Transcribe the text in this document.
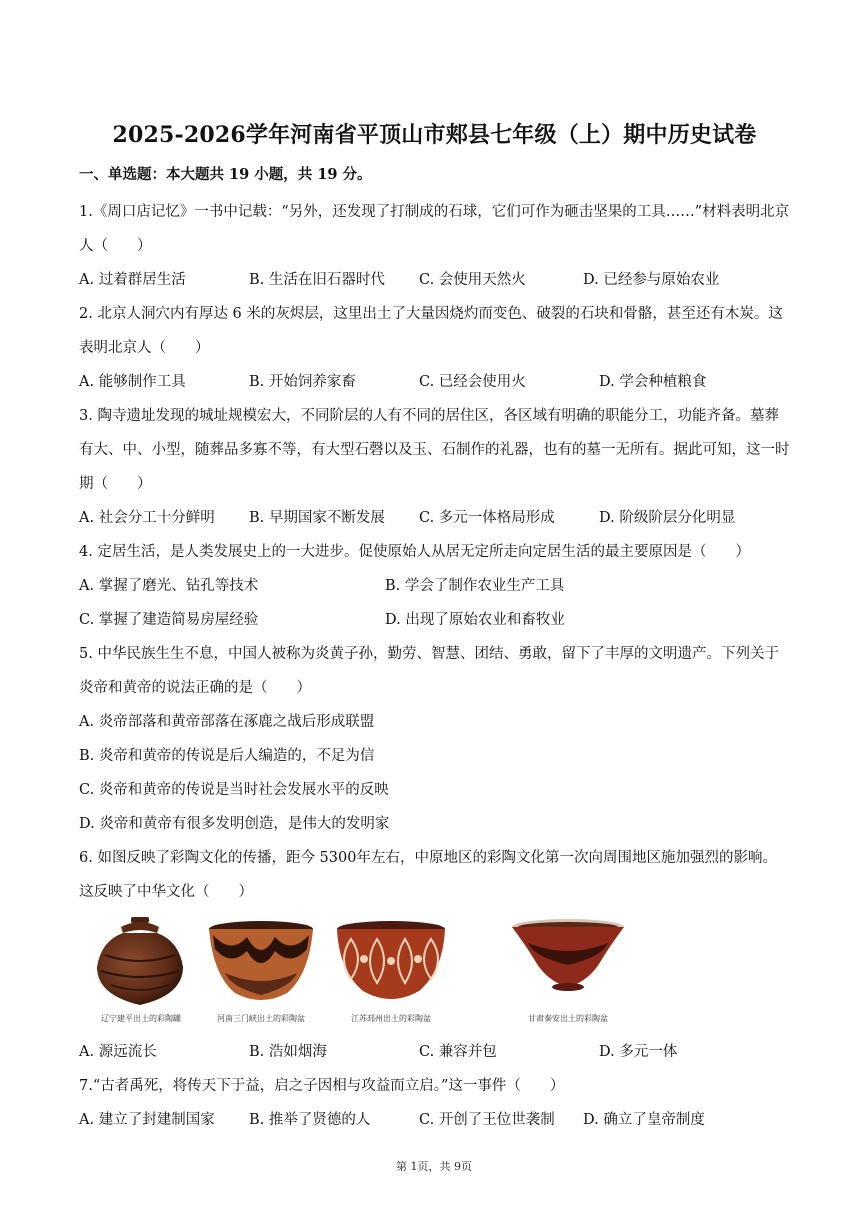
2025-2026学年河南省平顶山市郏县七年级（上）期中历史试卷
一、单选题：本大题共 19 小题，共 19 分。

1.《周口店记忆》一书中记载：“另外，还发现了打制成的石球，它们可作为砸击坚果的工具……”材料表明北京人（　　）

A. 过着群居生活	B. 生活在旧石器时代	C. 会使用天然火	D. 已经参与原始农业

2. 北京人洞穴内有厚达 6 米的灰烬层，这里出土了大量因烧灼而变色、破裂的石块和骨骼，甚至还有木炭。这表明北京人（　　）

A. 能够制作工具	B. 开始饲养家畜	C. 已经会使用火	D. 学会种植粮食

3. 陶寺遗址发现的城址规模宏大，不同阶层的人有不同的居住区，各区域有明确的职能分工，功能齐备。墓葬有大、中、小型，随葬品多寡不等，有大型石磬以及玉、石制作的礼器，也有的墓一无所有。据此可知，这一时期（　　）

A. 社会分工十分鲜明	B. 早期国家不断发展	C. 多元一体格局形成	D. 阶级阶层分化明显

4. 定居生活，是人类发展史上的一大进步。促使原始人从居无定所走向定居生活的最主要原因是（　　）

A. 掌握了磨光、钻孔等技术	B. 学会了制作农业生产工具
C. 掌握了建造简易房屋经验	D. 出现了原始农业和畜牧业

5. 中华民族生生不息，中国人被称为炎黄子孙，勤劳、智慧、团结、勇敢，留下了丰厚的文明遗产。下列关于炎帝和黄帝的说法正确的是（　　）

A. 炎帝部落和黄帝部落在涿鹿之战后形成联盟
B. 炎帝和黄帝的传说是后人编造的，不足为信
C. 炎帝和黄帝的传说是当时社会发展水平的反映
D. 炎帝和黄帝有很多发明创造，是伟大的发明家

6. 如图反映了彩陶文化的传播，距今 5300年左右，中原地区的彩陶文化第一次向周围地区施加强烈的影响。这反映了中华文化（　　）

辽宁建平出土的彩陶罐	河南三门峡出土的彩陶盆	江苏邳州出土的彩陶盆	甘肃秦安出土的彩陶盆
A. 源远流长	B. 浩如烟海	C. 兼容并包	D. 多元一体

7.“古者禹死，将传天下于益，启之子因相与攻益而立启。”这一事件（　　）

A. 建立了封建制国家	B. 推举了贤德的人	C. 开创了王位世袭制	D. 确立了皇帝制度
第 1页，共 9页
